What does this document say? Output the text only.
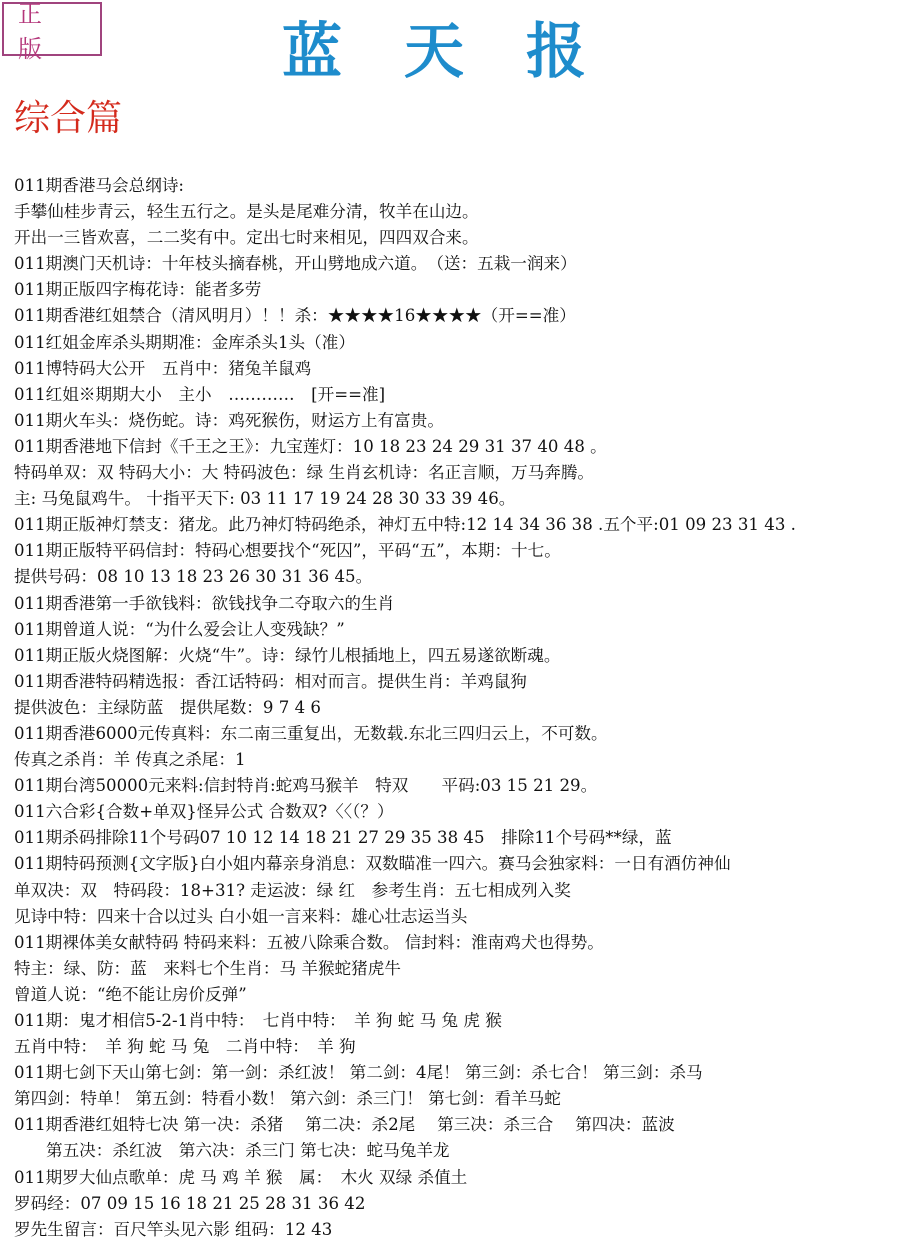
正版	蓝天报
综合篇
011期香港马会总纲诗:
手攀仙桂步青云，轻生五行之。是头是尾难分清，牧羊在山边。
开出一三皆欢喜，二二奖有中。定出七时来相见，四四双合来。
011期澳门天机诗：十年枝头摘春桃，开山劈地成六道。　（送：五栽一润来）
011期正版四字梅花诗：能者多劳
011期香港红姐禁合（清风明月）！！杀：★★★★16★★★★（开==准）
011红姐金库杀头期期准：金库杀头1头（准）
011博特码大公开　五肖中：猪兔羊鼠鸡
011红姐※期期大小　主小　…………　[开==准]
011期火车头：烧伤蛇。诗：鸡死猴伤，财运方上有富贵。
011期香港地下信封《千王之王》：九宝莲灯：10 18 23 24 29 31 37 40 48 。
特码单双：双 特码大小：大 特码波色：绿 生肖玄机诗：名正言顺，万马奔腾。
主: 马兔鼠鸡牛。 十指平天下: 03 11 17 19 24 28 30 33 39 46。
011期正版神灯禁支：猪龙。此乃神灯特码绝杀，神灯五中特:12 14 34 36 38 .五个平:01 09 23 31 43 .
011期正版特平码信封：特码心想要找个“死囚”，平码“五”，本期：十七。
提供号码：08 10 13 18 23 26 30 31 36 45。
011期香港第一手欲钱料：欲钱找争二夺取六的生肖
011期曾道人说：“为什么爱会让人变残缺？”
011期正版火烧图解：火烧“牛”。诗：绿竹儿根插地上，四五易遂欲断魂。
011期香港特码精选报：香江话特码：相对而言。提供生肖：羊鸡鼠狗
提供波色：主绿防蓝　提供尾数：9 7 4 6
011期香港6000元传真料：东二南三重复出，无数载.东北三四归云上，不可数。
传真之杀肖：羊 传真之杀尾：1
011期台湾50000元来料:信封特肖:蛇鸡马猴羊　特双　　平码:03 15 21 29。
011六合彩{合数+单双}怪异公式 合数双?〈〈（？）
011期杀码排除11个号码07 10 12 14 18 21 27 29 35 38 45　排除11个号码**绿，蓝
011期特码预测{文字版}白小姐内幕亲身消息：双数瞄准一四六。赛马会独家料：一日有酒仿神仙
单双决：双　特码段：18+31? 走运波：绿 红　参考生肖：五七相成列入奖
见诗中特：四来十合以过头 白小姐一言来料：雄心壮志运当头
011期裸体美女献特码 特码来料：五被八除乘合数。 信封料：淮南鸡犬也得势。
特主：绿、防：蓝　来料七个生肖：马 羊猴蛇猪虎牛
曾道人说：“绝不能让房价反弹”
011期：鬼才相信5-2-1肖中特：　七肖中特：　羊 狗 蛇 马 兔 虎 猴
五肖中特：　羊 狗 蛇 马 兔　二肖中特：　羊 狗
011期七剑下天山第七剑：第一剑：杀红波！ 第二剑：4尾！ 第三剑：杀七合！ 第三剑：杀马
第四剑：特单！ 第五剑：特看小数！ 第六剑：杀三门！ 第七剑：看羊马蛇
011期香港红姐特七决 第一决：杀猪　 第二决：杀2尾　 第三决：杀三合　 第四决：蓝波
第五决：杀红波　第六决：杀三门 第七决：蛇马兔羊龙
011期罗大仙点歌单：虎 马 鸡 羊 猴　属：　木火 双绿 杀值土
罗码经：07 09 15 16 18 21 25 28 31 36 42
罗先生留言：百尺竿头见六影 组码：12 43
